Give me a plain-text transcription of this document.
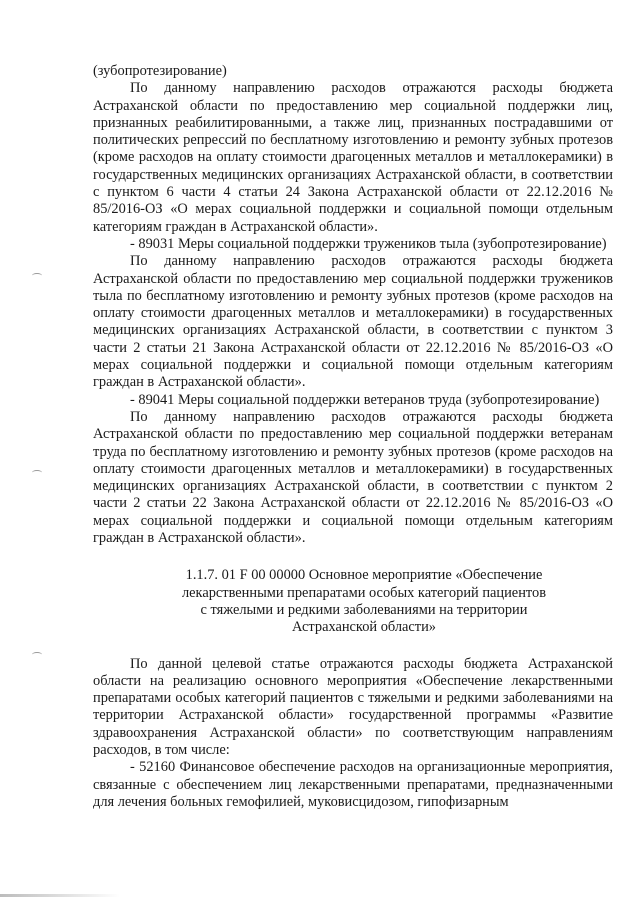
(зубопротезирование)

По данному направлению расходов отражаются расходы бюджета Астраханской области по предоставлению мер социальной поддержки лиц, признанных реабилитированными, а также лиц, признанных пострадавшими от политических репрессий по бесплатному изготовлению и ремонту зубных протезов (кроме расходов на оплату стоимости драгоценных металлов и металлокерамики) в государственных медицинских организациях Астраханской области, в соответствии с пунктом 6 части 4 статьи 24 Закона Астраханской области от 22.12.2016 № 85/2016-ОЗ «О мерах социальной поддержки и социальной помощи отдельным категориям граждан в Астраханской области».

- 89031 Меры социальной поддержки тружеников тыла (зубопротезирование)

По данному направлению расходов отражаются расходы бюджета Астраханской области по предоставлению мер социальной поддержки тружеников тыла по бесплатному изготовлению и ремонту зубных протезов (кроме расходов на оплату стоимости драгоценных металлов и металлокерамики) в государственных медицинских организациях Астраханской области, в соответствии с пунктом 3 части 2 статьи 21 Закона Астраханской области от 22.12.2016 № 85/2016-ОЗ «О мерах социальной поддержки и социальной помощи отдельным категориям граждан в Астраханской области».

- 89041 Меры социальной поддержки ветеранов труда (зубопротезирование)

По данному направлению расходов отражаются расходы бюджета Астраханской области по предоставлению мер социальной поддержки ветеранам труда по бесплатному изготовлению и ремонту зубных протезов (кроме расходов на оплату стоимости драгоценных металлов и металлокерамики) в государственных медицинских организациях Астраханской области, в соответствии с пунктом 2 части 2 статьи 22 Закона Астраханской области от 22.12.2016 № 85/2016-ОЗ «О мерах социальной поддержки и социальной помощи отдельным категориям граждан в Астраханской области».

1.1.7. 01 F 00 00000 Основное мероприятие «Обеспечение
лекарственными препаратами особых категорий пациентов
с тяжелыми и редкими заболеваниями на территории
Астраханской области»

По данной целевой статье отражаются расходы бюджета Астраханской области на реализацию основного мероприятия «Обеспечение лекарственными препаратами особых категорий пациентов с тяжелыми и редкими заболеваниями на территории Астраханской области» государственной программы «Развитие здравоохранения Астраханской области» по соответствующим направлениям расходов, в том числе:

- 52160 Финансовое обеспечение расходов на организационные мероприятия, связанные с обеспечением лиц лекарственными препаратами, предназначенными для лечения больных гемофилией, муковисцидозом, гипофизарным
